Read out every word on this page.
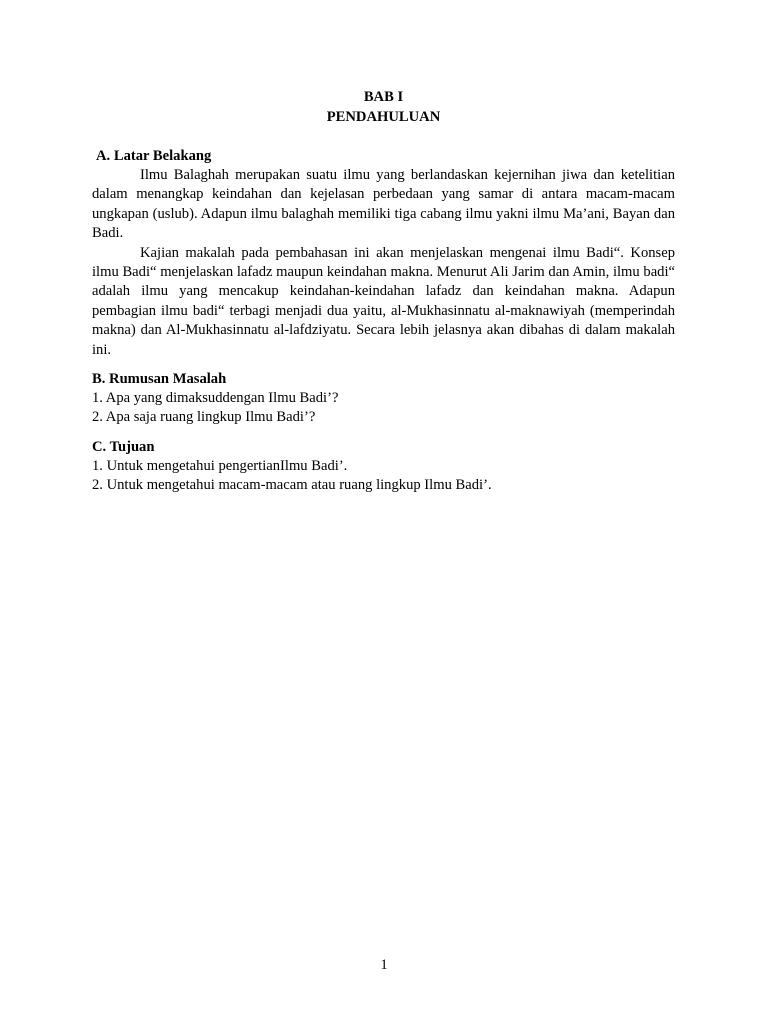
BAB I

PENDAHULUAN

A. Latar Belakang

Ilmu Balaghah merupakan suatu ilmu yang berlandaskan kejernihan jiwa dan ketelitian dalam menangkap keindahan dan kejelasan perbedaan yang samar di antara macam-macam ungkapan (uslub). Adapun ilmu balaghah memiliki tiga cabang ilmu yakni ilmu Ma’ani, Bayan dan Badi.

Kajian makalah pada pembahasan ini akan menjelaskan mengenai ilmu Badi“. Konsep ilmu Badi“ menjelaskan lafadz maupun keindahan makna. Menurut Ali Jarim dan Amin, ilmu badi“ adalah ilmu yang mencakup keindahan-keindahan lafadz dan keindahan makna. Adapun pembagian ilmu badi“ terbagi menjadi dua yaitu, al-Mukhasinnatu al-maknawiyah (memperindah makna) dan Al-Mukhasinnatu al-lafdziyatu. Secara lebih jelasnya akan dibahas di dalam makalah ini.

B. Rumusan Masalah

1. Apa yang dimaksuddengan Ilmu Badi’?
2. Apa saja ruang lingkup Ilmu Badi’?

C. Tujuan

1. Untuk mengetahui pengertianIlmu Badi’.
2. Untuk mengetahui macam-macam atau ruang lingkup Ilmu Badi’.
1
